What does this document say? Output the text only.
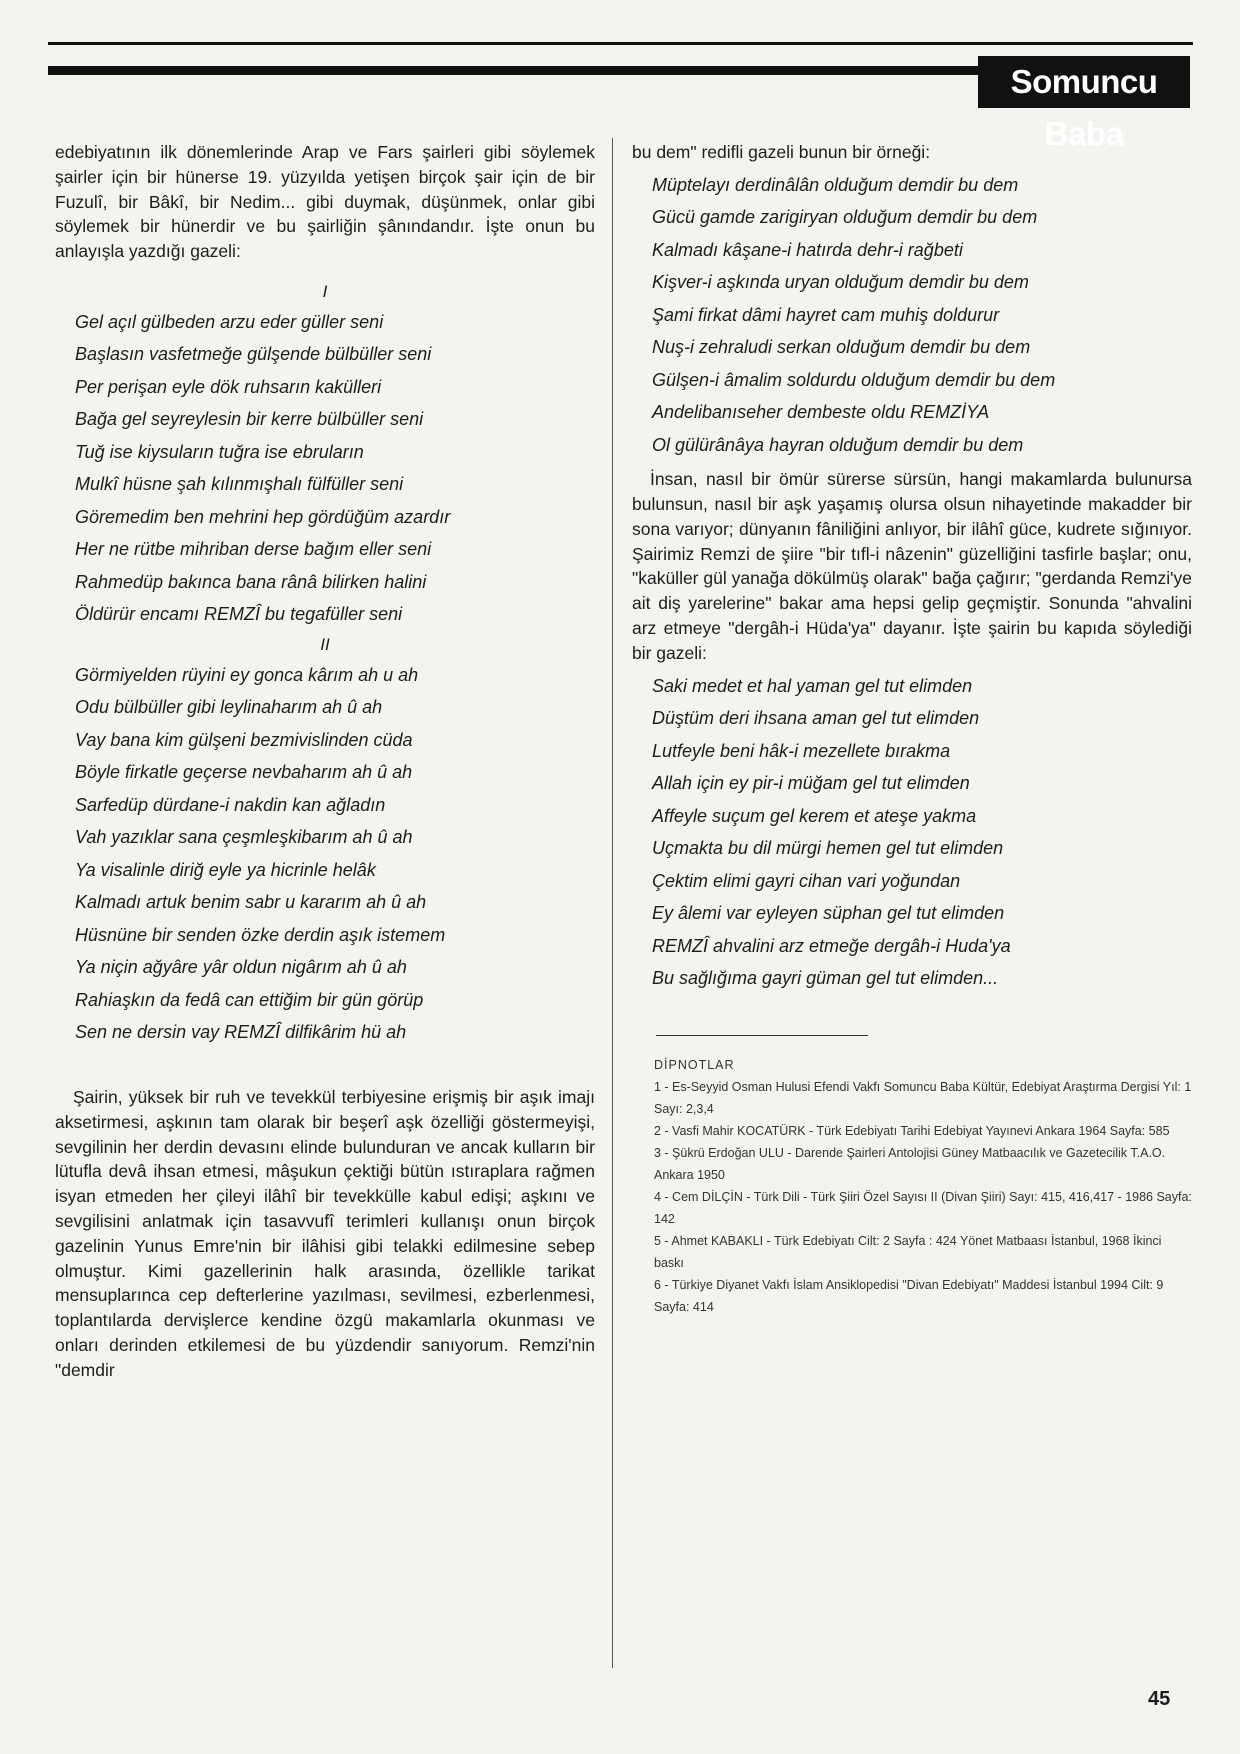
Somuncu Baba

edebiyatının ilk dönemlerinde Arap ve Fars şairleri gibi söylemek şairler için bir hünerse 19. yüzyılda yetişen birçok şair için de bir Fuzulî, bir Bâkî, bir Nedim... gibi duymak, düşünmek, onlar gibi söylemek bir hünerdir ve bu şairliğin şânındandır. İşte onun bu anlayışla yazdığı gazeli:

I

Gel açıl gülbeden arzu eder güller seni
Başlasın vasfetmeğe gülşende bülbüller seni
Per perişan eyle dök ruhsarın kakülleri
Bağa gel seyreylesin bir kerre bülbüller seni
Tuğ ise kiysuların tuğra ise ebruların
Mulkî hüsne şah kılınmışhalı fülfüller seni
Göremedim ben mehrini hep gördüğüm azardır
Her ne rütbe mihriban derse bağım eller seni
Rahmedüp bakınca bana rânâ bilirken halini
Öldürür encamı REMZÎ bu tegafüller seni

II

Görmiyelden rüyini ey gonca kârım ah u ah
Odu bülbüller gibi leylinaharım ah û ah
Vay bana kim gülşeni bezmivislinden cüda
Böyle firkatle geçerse nevbaharım ah û ah
Sarfedüp dürdane-i nakdin kan ağladın
Vah yazıklar sana çeşmleşkibarım ah û ah
Ya visalinle diriğ eyle ya hicrinle helâk
Kalmadı artuk benim sabr u kararım ah û ah
Hüsnüne bir senden özke derdin aşık istemem
Ya niçin ağyâre yâr oldun nigârım ah û ah
Rahiaşkın da fedâ can ettiğim bir gün görüp
Sen ne dersin vay REMZÎ dilfikârim hü ah

Şairin, yüksek bir ruh ve tevekkül terbiyesine erişmiş bir aşık imajı aksetirmesi, aşkının tam olarak bir beşerî aşk özelliği göstermeyişi, sevgilinin her derdin devasını elinde bulunduran ve ancak kulların bir lütufla devâ ihsan etmesi, mâşukun çektiği bütün ıstıraplara rağmen isyan etmeden her çileyi ilâhî bir tevekkülle kabul edişi; aşkını ve sevgilisini anlatmak için tasavvufî terimleri kullanışı onun birçok gazelinin Yunus Emre'nin bir ilâhisi gibi telakki edilmesine sebep olmuştur. Kimi gazellerinin halk arasında, özellikle tarikat mensuplarınca cep defterlerine yazılması, sevilmesi, ezberlenmesi, toplantılarda dervişlerce kendine özgü makamlarla okunması ve onları derinden etkilemesi de bu yüzdendir sanıyorum. Remzi'nin "demdir

bu dem" redifli gazeli bunun bir örneği:

Müptelayı derdinâlân olduğum demdir bu dem
Gücü gamde zarigiryan olduğum demdir bu dem
Kalmadı kâşane-i hatırda dehr-i rağbeti
Kişver-i aşkında uryan olduğum demdir bu dem
Şami firkat dâmi hayret cam muhiş doldurur
Nuş-i zehraludi serkan olduğum demdir bu dem
Gülşen-i âmalim soldurdu olduğum demdir bu dem
Andelibanıseher dembeste oldu REMZİYA
Ol gülürânâya hayran olduğum demdir bu dem

İnsan, nasıl bir ömür sürerse sürsün, hangi makamlarda bulunursa bulunsun, nasıl bir aşk yaşamış olursa olsun nihayetinde makadder bir sona varıyor; dünyanın fâniliğini anlıyor, bir ilâhî güce, kudrete sığınıyor. Şairimiz Remzi de şiire "bir tıfl-i nâzenin" güzelliğini tasfirle başlar; onu, "kaküller gül yanağa dökülmüş olarak" bağa çağırır; "gerdanda Remzi'ye ait diş yarelerine" bakar ama hepsi gelip geçmiştir. Sonunda "ahvalini arz etmeye "dergâh-i Hüda'ya" dayanır. İşte şairin bu kapıda söylediği bir gazeli:

Saki medet et hal yaman gel tut elimden
Düştüm deri ihsana aman gel tut elimden
Lutfeyle beni hâk-i mezellete bırakma
Allah için ey pir-i müğam gel tut elimden
Affeyle suçum gel kerem et ateşe yakma
Uçmakta bu dil mürgi hemen gel tut elimden
Çektim elimi gayri cihan vari yoğundan
Ey âlemi var eyleyen süphan gel tut elimden
REMZÎ ahvalini arz etmeğe dergâh-i Huda'ya
Bu sağlığıma gayri güman gel tut elimden...

DİPNOTLAR

1 - Es-Seyyid Osman Hulusi Efendi Vakfı Somuncu Baba Kültür, Edebiyat Araştırma Dergisi Yıl: 1 Sayı: 2,3,4
2 - Vasfi Mahir KOCATÜRK - Türk Edebiyatı Tarihi Edebiyat Yayınevi Ankara 1964 Sayfa: 585
3 - Şükrü Erdoğan ULU - Darende Şairleri Antolojisi Güney Matbaacılık ve Gazetecilik T.A.O. Ankara 1950
4 - Cem DİLÇİN - Türk Dili - Türk Şiiri Özel Sayısı II (Divan Şiiri) Sayı: 415, 416,417 - 1986 Sayfa: 142
5 - Ahmet KABAKLI - Türk Edebiyatı Cilt: 2 Sayfa : 424 Yönet Matbaası İstanbul, 1968 İkinci baskı
6 - Türkiye Diyanet Vakfı İslam Ansiklopedisi "Divan Edebiyatı" Maddesi İstanbul 1994 Cilt: 9 Sayfa: 414
45
